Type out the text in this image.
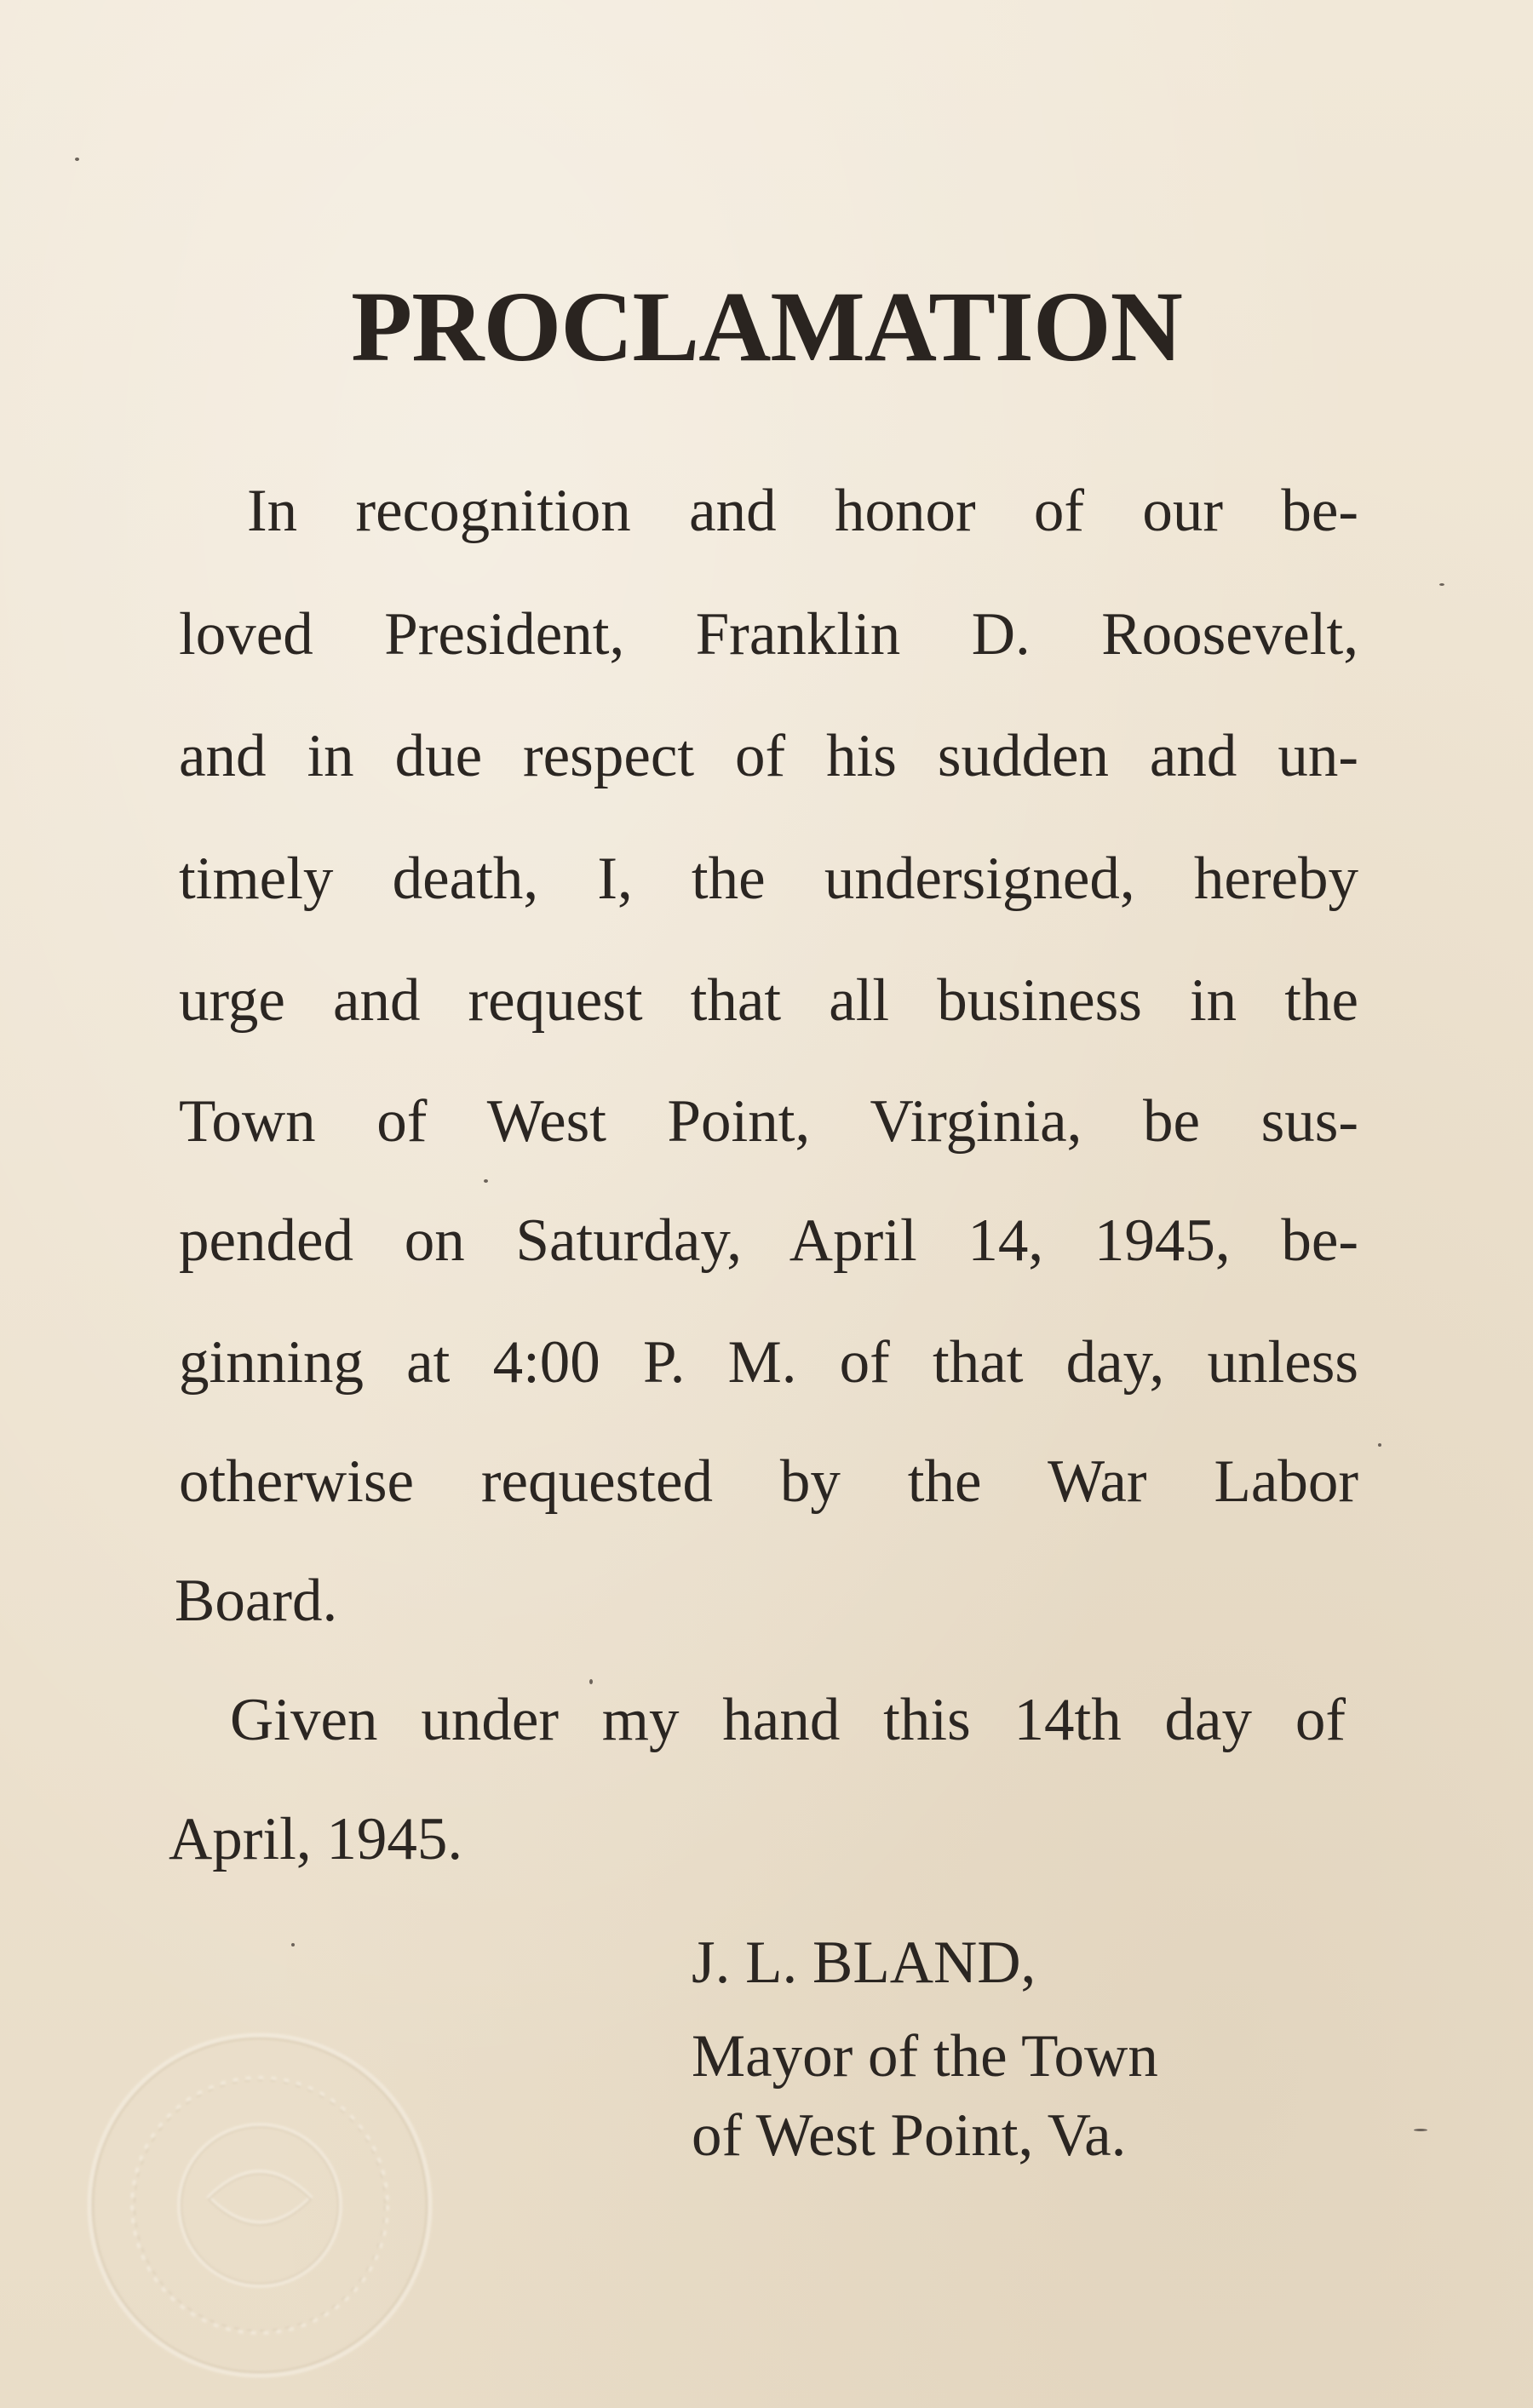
PROCLAMATION
In recognition and honor of our be-
loved President, Franklin D. Roosevelt,
and in due respect of his sudden and un-
timely death, I, the undersigned, hereby
urge and request that all business in the
Town of West Point, Virginia, be sus-
pended on Saturday, April 14, 1945, be-
ginning at 4:00 P. M. of that day, unless
otherwise requested by the War Labor
Board.
Given under my hand this 14th day of
April, 1945.
J. L. BLAND,
Mayor of the Town
of West Point, Va.
